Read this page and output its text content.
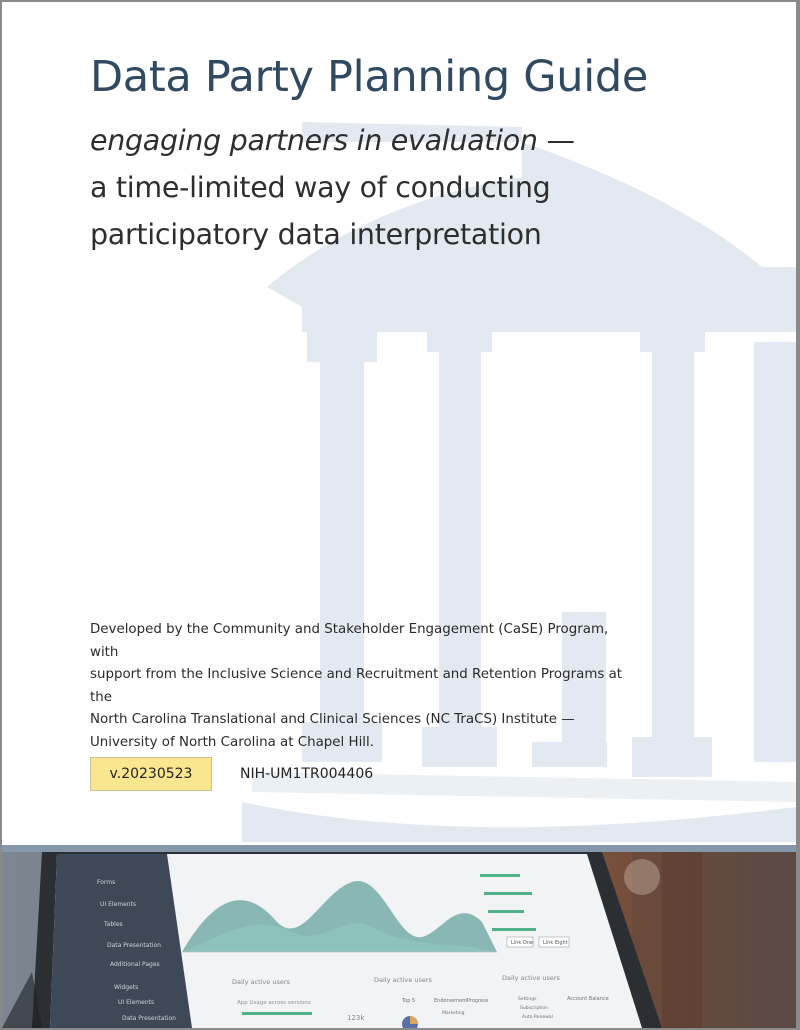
Data Party Planning Guide

engaging partners in evaluation —
a time-limited way of conducting
participatory data interpretation

Developed by the Community and Stakeholder Engagement (CaSE) Program, with
support from the Inclusive Science and Recruitment and Retention Programs at the
North Carolina Translational and Clinical Sciences (NC TraCS) Institute —
University of North Carolina at Chapel Hill.

v.20230523	NIH-UM1TR004406
Forms
UI Elements
Tables
Data Presentation
Additional Pages
Widgets
UI Elements
Data Presentation
Link One Link Eight
Daily active users	Daily active users	Daily active users
App Usage across versions
123k
Top 5	Endorsement Progress
Marketing
Settings
Subscription
Auto Renewal
Account Balance
